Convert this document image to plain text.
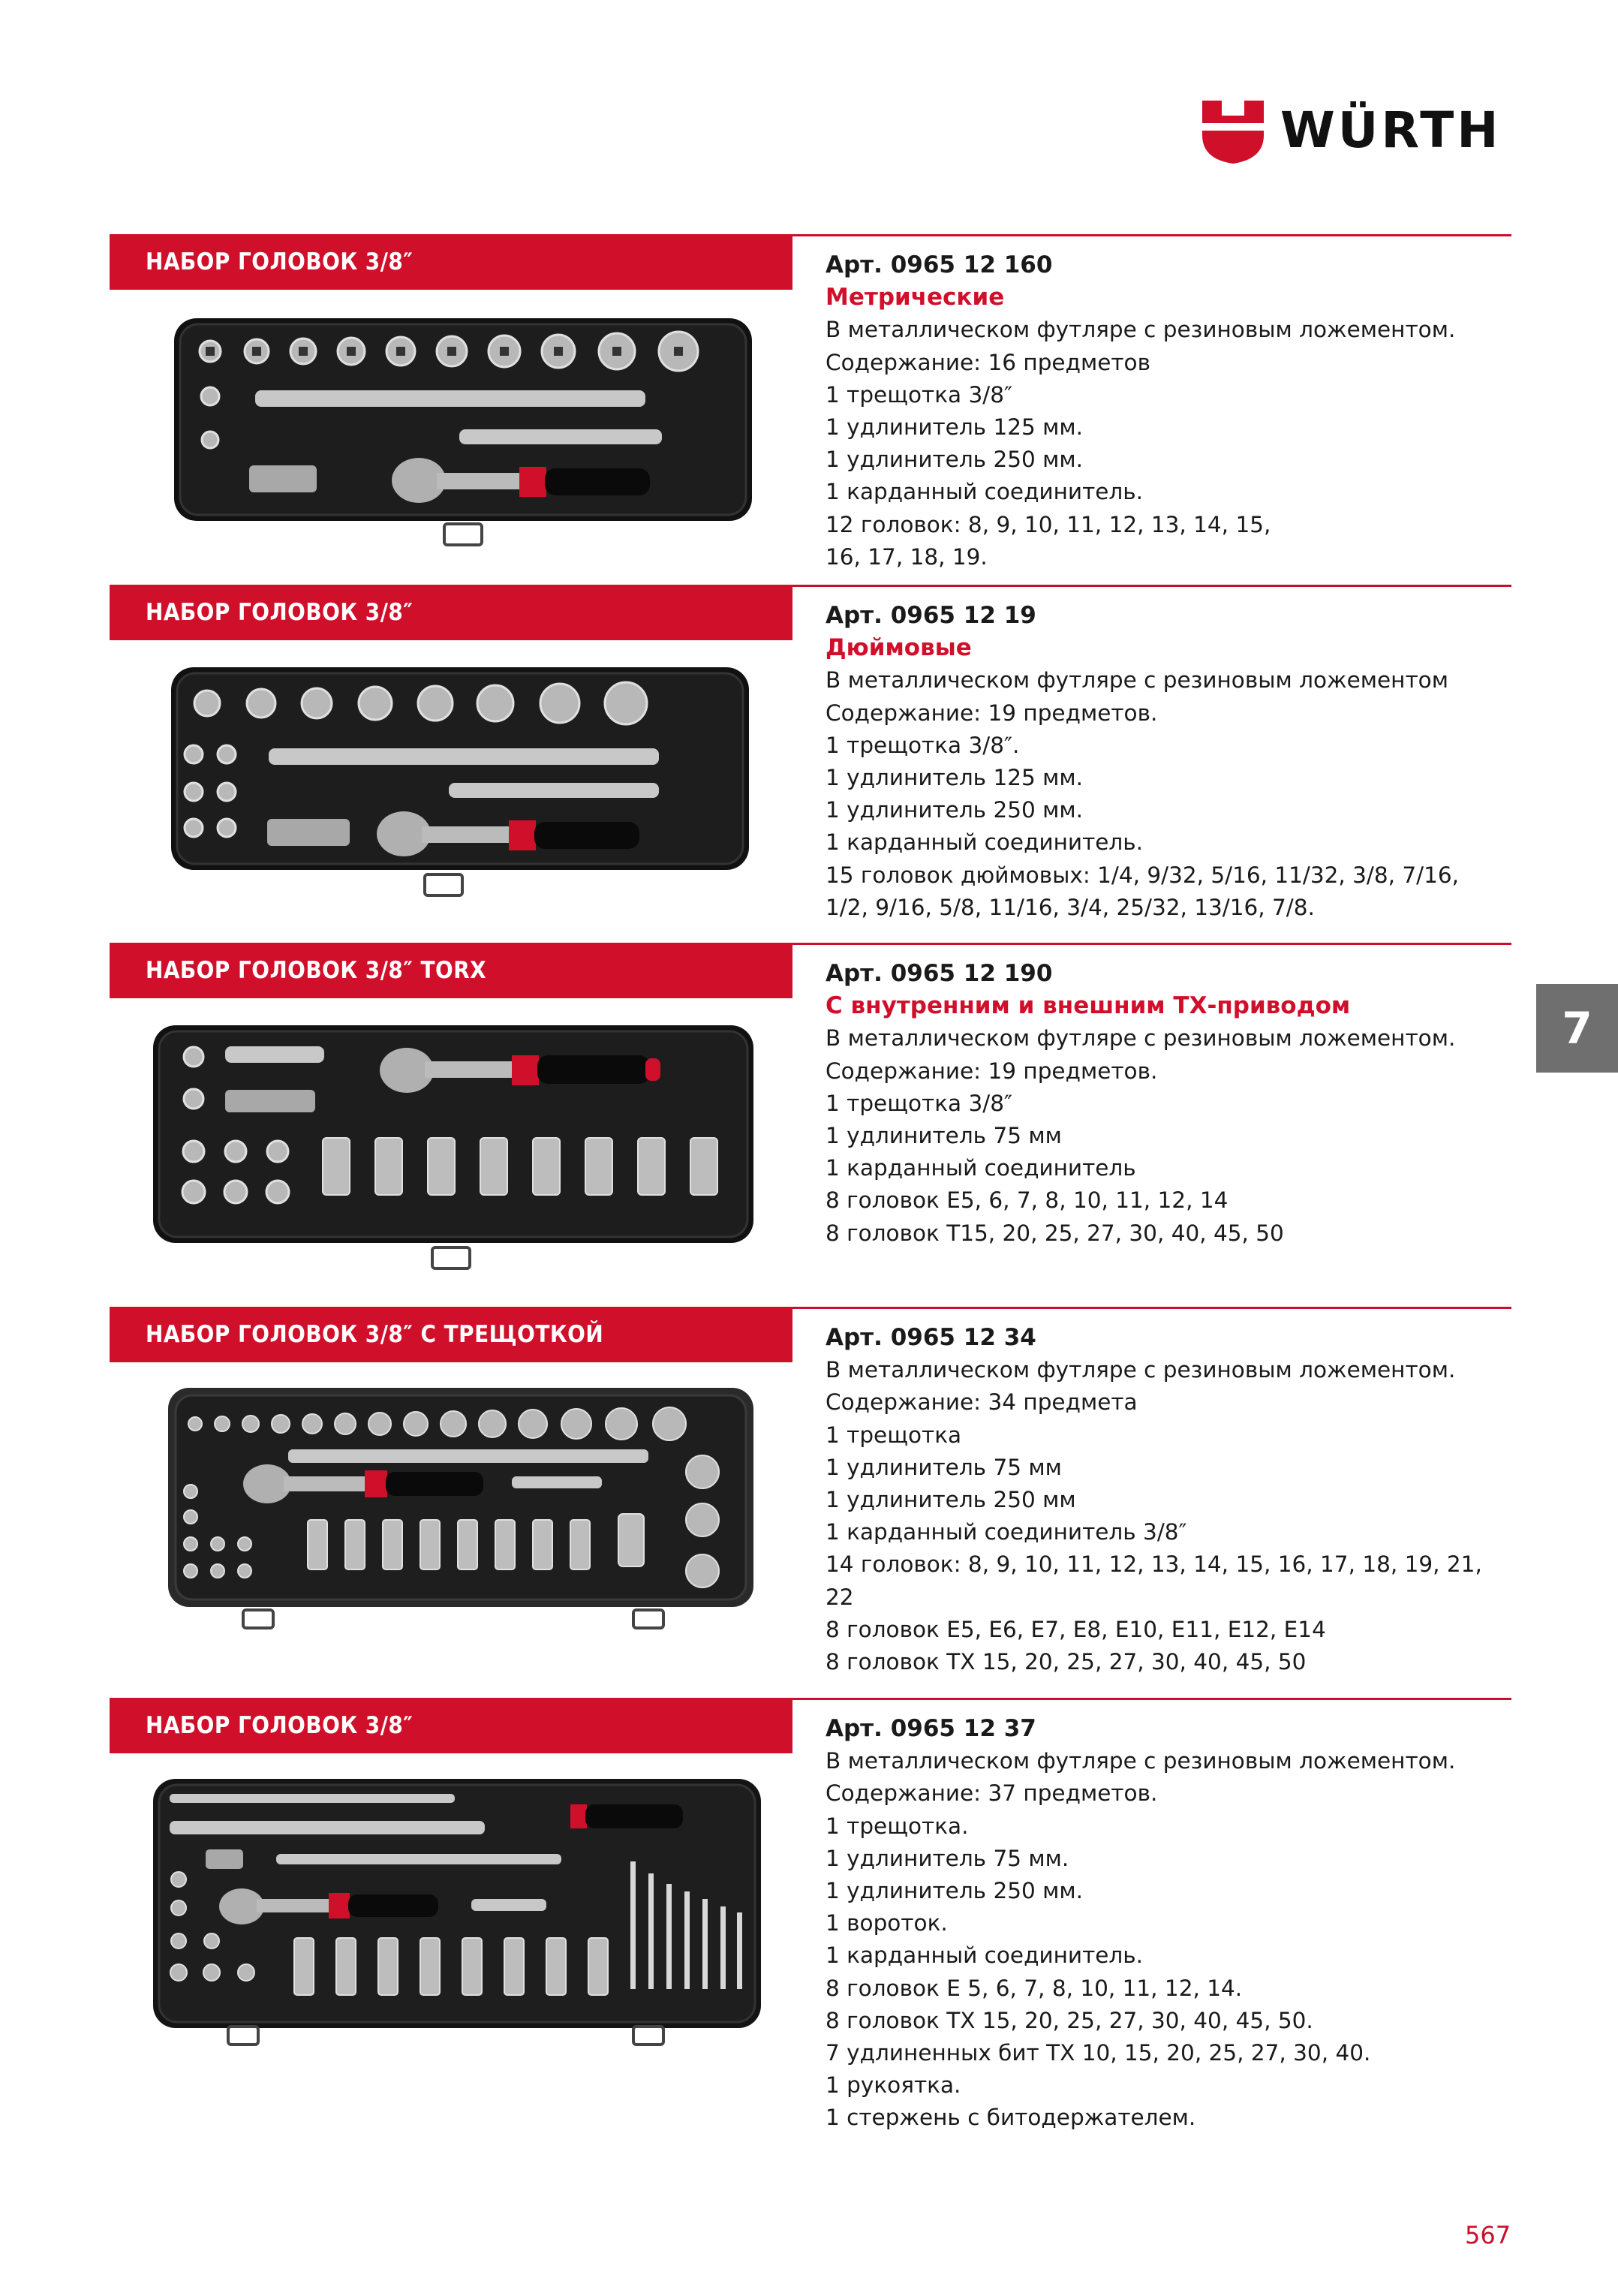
WÜRTH
НАБОР ГОЛОВОК 3/8″	Арт. 0965 12 160
Метрические
В металлическом футляре с резиновым ложементом.
Содержание: 16 предметов
1 трещотка 3/8″
1 удлинитель 125 мм.
1 удлинитель 250 мм.
1 карданный соединитель.
12 головок: 8, 9, 10, 11, 12, 13, 14, 15,
16, 17, 18, 19.
НАБОР ГОЛОВОК 3/8″	Арт. 0965 12 19
Дюймовые
В металлическом футляре с резиновым ложементом
Содержание: 19 предметов.
1 трещотка 3/8″.
1 удлинитель 125 мм.
1 удлинитель 250 мм.
1 карданный соединитель.
15 головок дюймовых: 1/4, 9/32, 5/16, 11/32, 3/8, 7/16,
1/2, 9/16, 5/8, 11/16, 3/4, 25/32, 13/16, 7/8.
НАБОР ГОЛОВОК 3/8″ TORX	Арт. 0965 12 190
С внутренним и внешним ТХ-приводом
В металлическом футляре с резиновым ложементом.
Содержание: 19 предметов.
1 трещотка 3/8″
1 удлинитель 75 мм
1 карданный соединитель
8 головок Е5, 6, 7, 8, 10, 11, 12, 14
8 головок Т15, 20, 25, 27, 30, 40, 45, 50
НАБОР ГОЛОВОК 3/8″ С ТРЕЩОТКОЙ	Арт. 0965 12 34
В металлическом футляре с резиновым ложементом.
Содержание: 34 предмета
1 трещотка
1 удлинитель 75 мм
1 удлинитель 250 мм
1 карданный соединитель 3/8″
14 головок: 8, 9, 10, 11, 12, 13, 14, 15, 16, 17, 18, 19, 21,
22
8 головок Е5, Е6, Е7, Е8, Е10, Е11, Е12, Е14
8 головок ТХ 15, 20, 25, 27, 30, 40, 45, 50
НАБОР ГОЛОВОК 3/8″	Арт. 0965 12 37
В металлическом футляре с резиновым ложементом.
Содержание: 37 предметов.
1 трещотка.
1 удлинитель 75 мм.
1 удлинитель 250 мм.
1 вороток.
1 карданный соединитель.
8 головок Е 5, 6, 7, 8, 10, 11, 12, 14.
8 головок ТХ 15, 20, 25, 27, 30, 40, 45, 50.
7 удлиненных бит ТХ 10, 15, 20, 25, 27, 30, 40.
1 рукоятка.
1 стержень с битодержателем.
7
567
